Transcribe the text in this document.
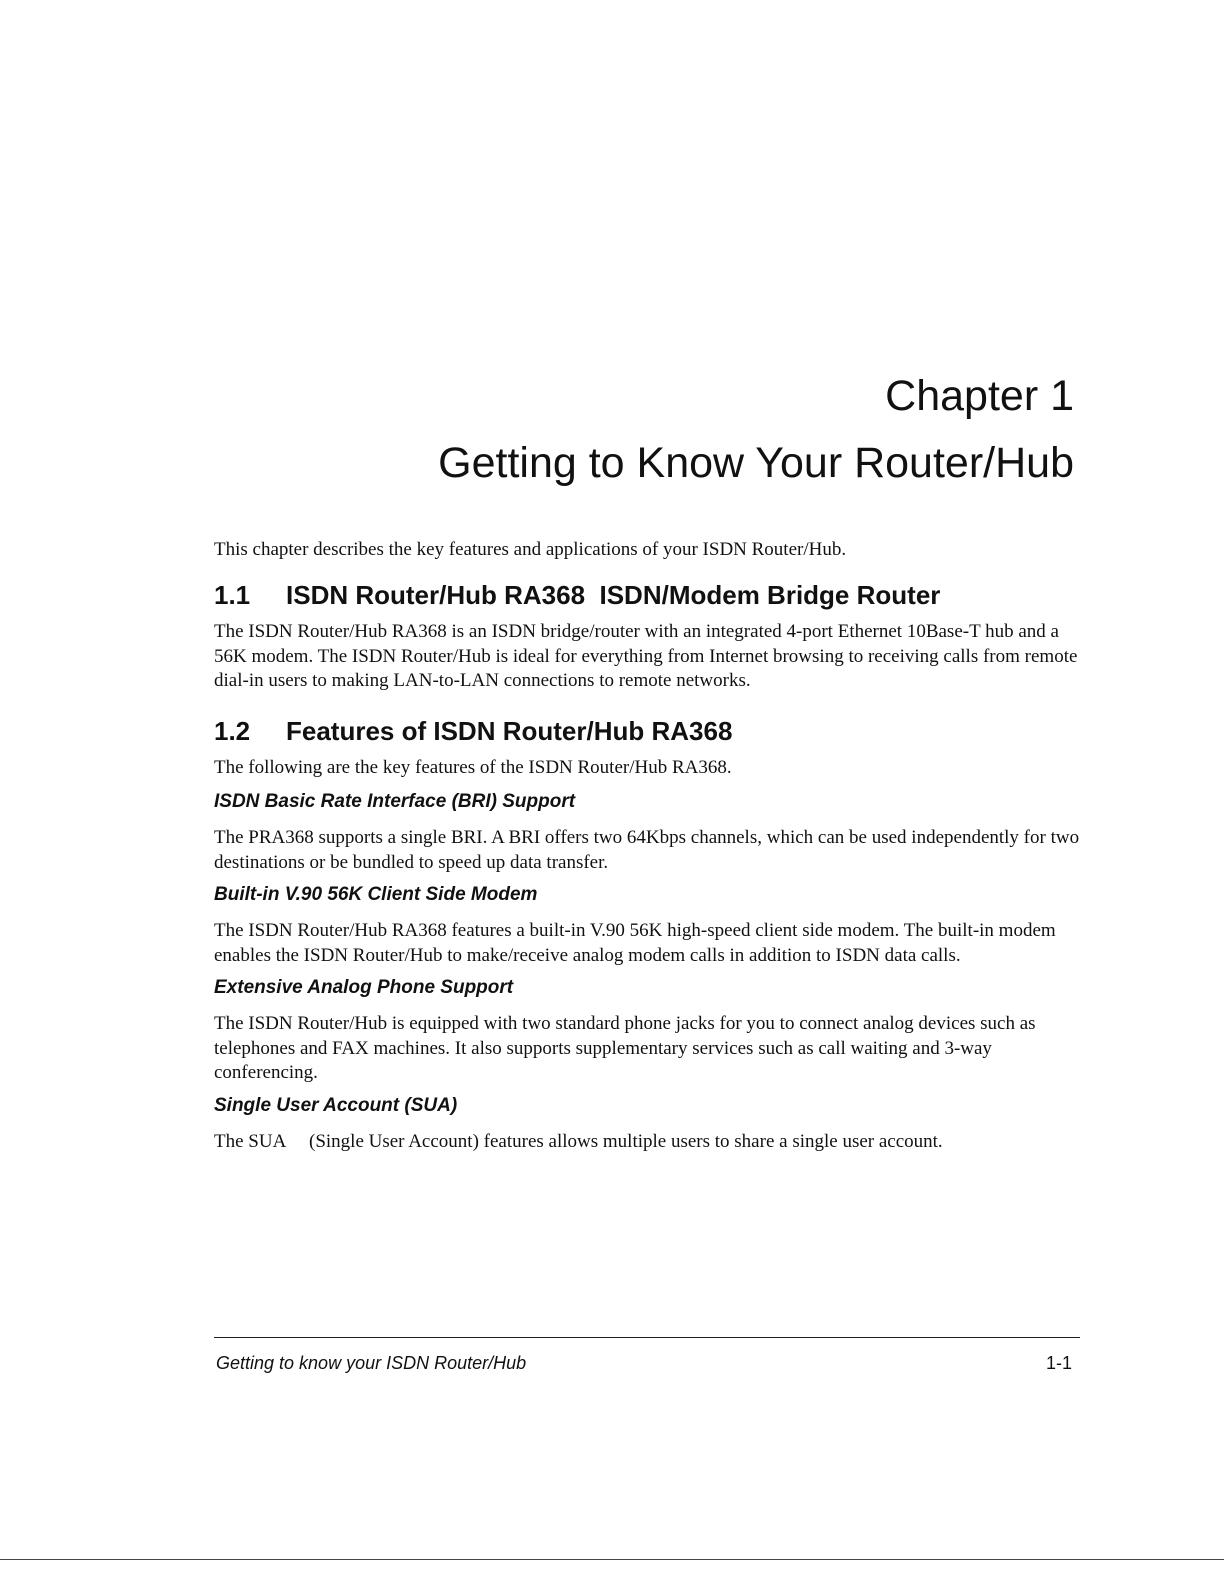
Chapter 1
Getting to Know Your Router/Hub

This chapter describes the key features and applications of your ISDN Router/Hub.

1.1	ISDN Router/Hub RA368  ISDN/Modem Bridge Router

The ISDN Router/Hub RA368 is an ISDN bridge/router with an integrated 4-port Ethernet 10Base-T hub and a 56K modem. The ISDN Router/Hub is ideal for everything from Internet browsing to receiving calls from remote dial-in users to making LAN-to-LAN connections to remote networks.

1.2	Features of ISDN Router/Hub RA368

The following are the key features of the ISDN Router/Hub RA368.

ISDN Basic Rate Interface (BRI) Support

The PRA368 supports a single BRI. A BRI offers two 64Kbps channels, which can be used independently for two destinations or be bundled to speed up data transfer.

Built-in V.90 56K Client Side Modem

The ISDN Router/Hub RA368 features a built-in V.90 56K high-speed client side modem. The built-in modem enables the ISDN Router/Hub to make/receive analog modem calls in addition to ISDN data calls.

Extensive Analog Phone Support

The ISDN Router/Hub is equipped with two standard phone jacks for you to connect analog devices such as telephones and FAX machines. It also supports supplementary services such as call waiting and 3-way conferencing.

Single User Account (SUA)

The SUA     (Single User Account) features allows multiple users to share a single user account.

Getting to know your ISDN Router/Hub	1-1
